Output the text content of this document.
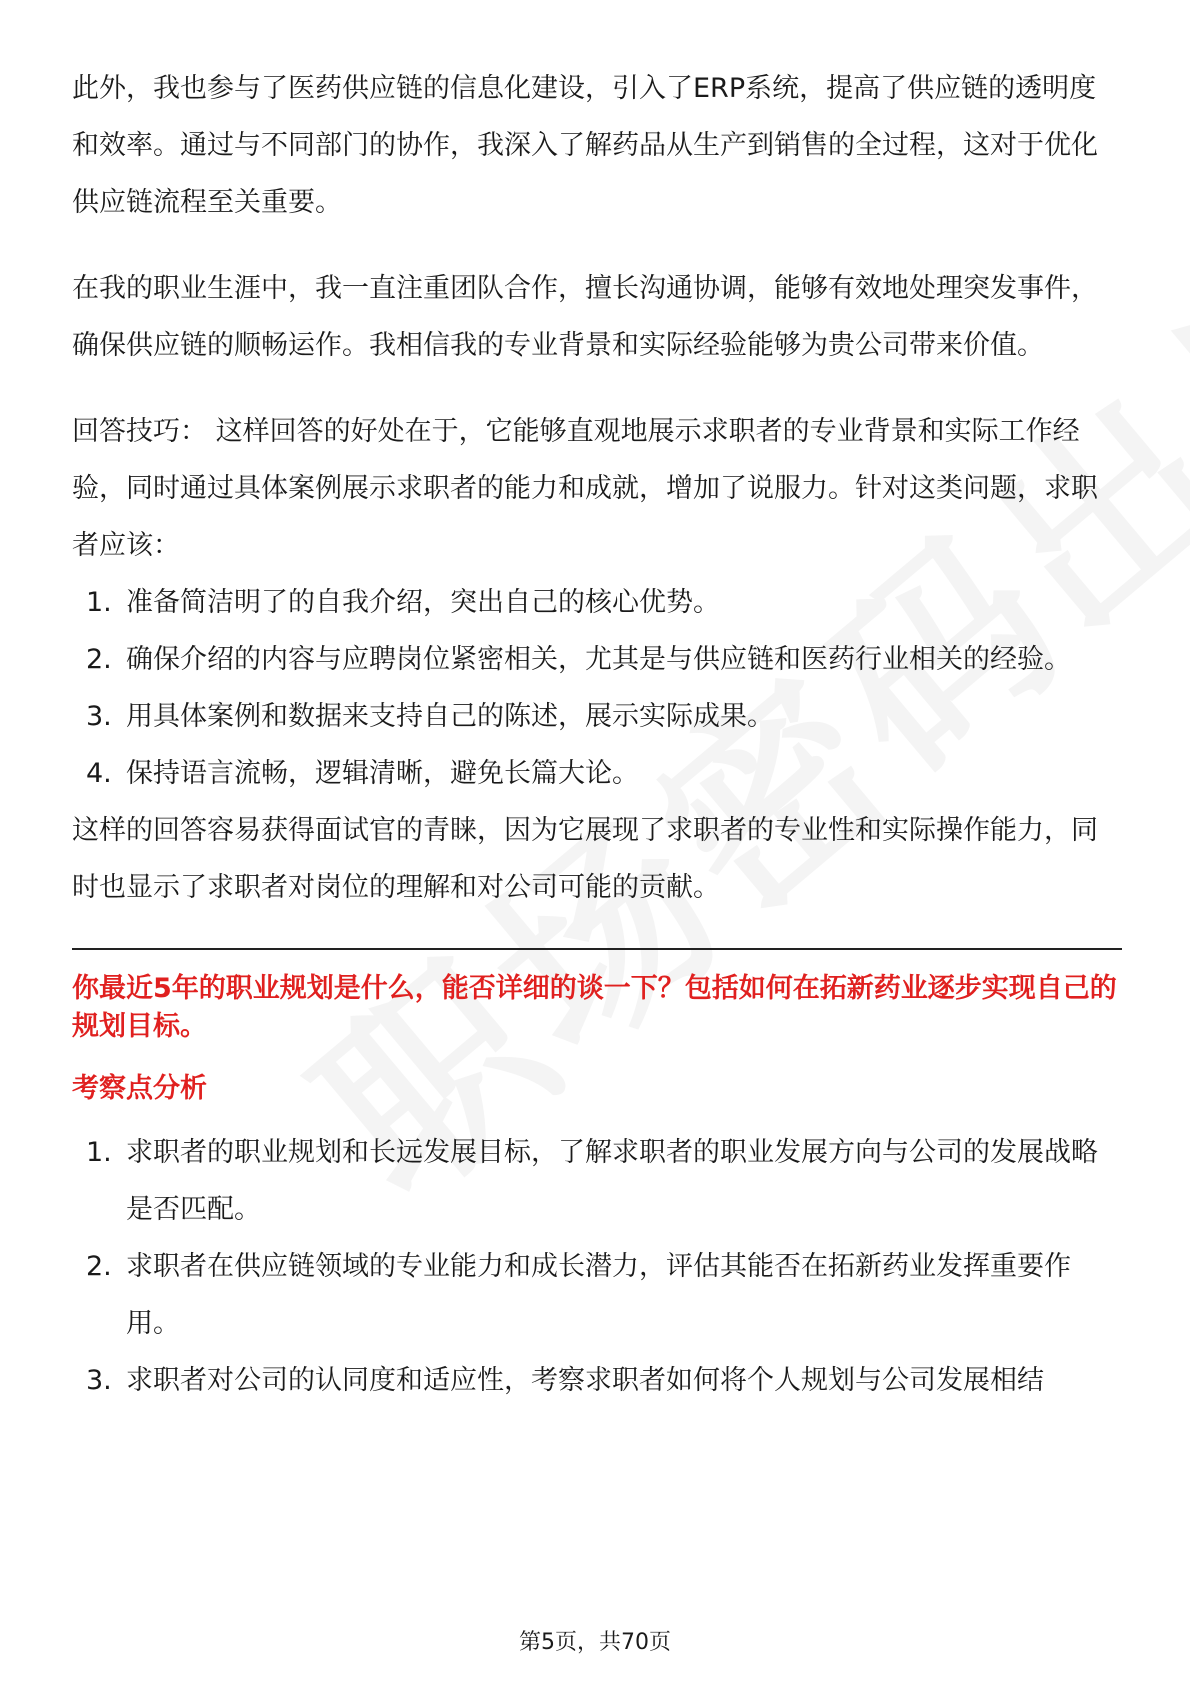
此外，我也参与了医药供应链的信息化建设，引入了ERP系统，提高了供应链的透明度和效率。通过与不同部门的协作，我深入了解药品从生产到销售的全过程，这对于优化供应链流程至关重要。

在我的职业生涯中，我一直注重团队合作，擅长沟通协调，能够有效地处理突发事件，确保供应链的顺畅运作。我相信我的专业背景和实际经验能够为贵公司带来价值。

回答技巧： 这样回答的好处在于，它能够直观地展示求职者的专业背景和实际工作经验，同时通过具体案例展示求职者的能力和成就，增加了说服力。针对这类问题，求职者应该：

1. 准备简洁明了的自我介绍，突出自己的核心优势。
2. 确保介绍的内容与应聘岗位紧密相关，尤其是与供应链和医药行业相关的经验。
3. 用具体案例和数据来支持自己的陈述，展示实际成果。
4. 保持语言流畅，逻辑清晰，避免长篇大论。

这样的回答容易获得面试官的青睐，因为它展现了求职者的专业性和实际操作能力，同时也显示了求职者对岗位的理解和对公司可能的贡献。

你最近5年的职业规划是什么，能否详细的谈一下？包括如何在拓新药业逐步实现自己的规划目标。

考察点分析

1. 求职者的职业规划和长远发展目标，了解求职者的职业发展方向与公司的发展战略是否匹配。
2. 求职者在供应链领域的专业能力和成长潜力，评估其能否在拓新药业发挥重要作用。
3. 求职者对公司的认同度和适应性，考察求职者如何将个人规划与公司发展相结
第5页，共70页
